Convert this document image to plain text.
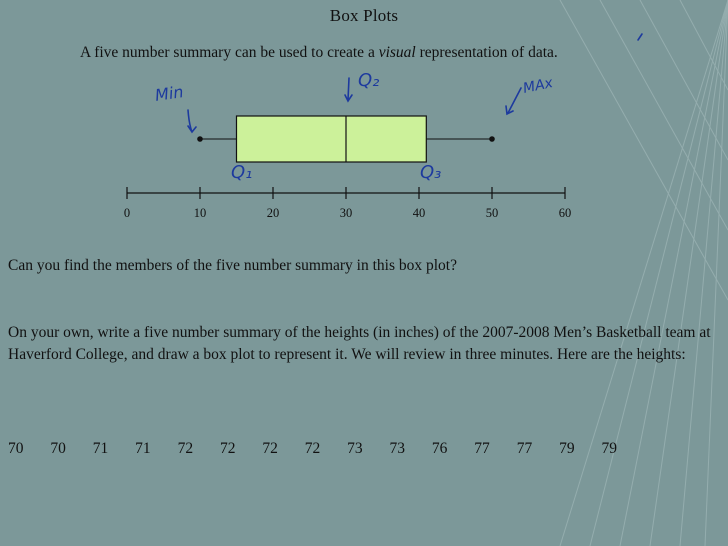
Box Plots
A five number summary can be used to create a visual representation of data.
0	10	20	30	40	50	60
Min
Q₂	MAx
Q₁	Q₃
Can you find the members of the five number summary in this box plot?
On your own, write a five number summary of the heights (in inches) of the 2007-2008 Men’s Basketball team at Haverford College, and draw a box plot to represent it. We will review in three minutes. Here are the heights:
70	70	71	71	72	72	72	72	73	73	76	77	77	79	79
